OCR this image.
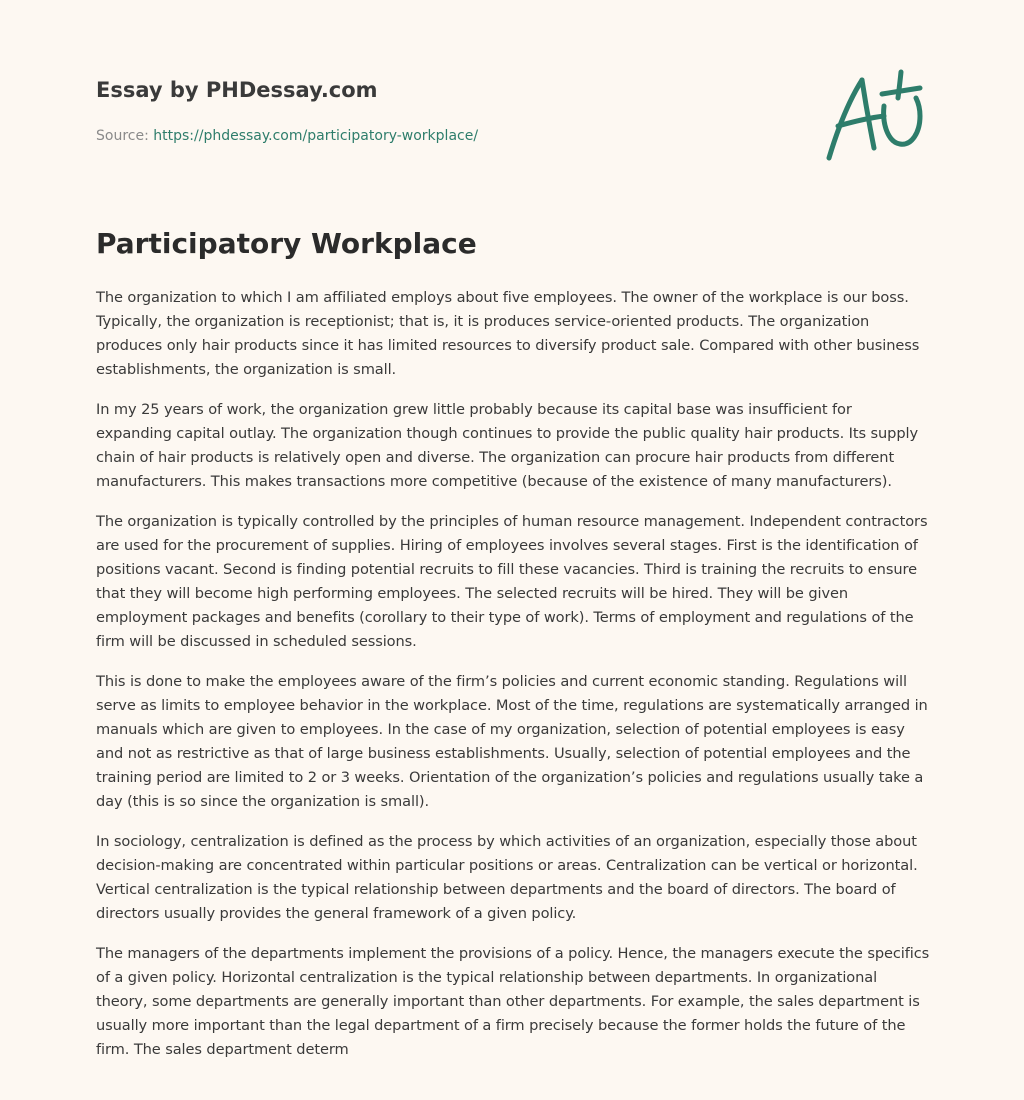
Essay by PHDessay.com
Source: https://phdessay.com/participatory-workplace/
Participatory Workplace

The organization to which I am affiliated employs about five employees. The owner of the workplace is our boss. Typically, the organization is receptionist; that is, it is produces service-oriented products. The organization produces only hair products since it has limited resources to diversify product sale. Compared with other business establishments, the organization is small.

In my 25 years of work, the organization grew little probably because its capital base was insufficient for expanding capital outlay. The organization though continues to provide the public quality hair products. Its supply chain of hair products is relatively open and diverse. The organization can procure hair products from different manufacturers. This makes transactions more competitive (because of the existence of many manufacturers).

The organization is typically controlled by the principles of human resource management. Independent contractors are used for the procurement of supplies. Hiring of employees involves several stages. First is the identification of positions vacant. Second is finding potential recruits to fill these vacancies. Third is training the recruits to ensure that they will become high performing employees. The selected recruits will be hired. They will be given employment packages and benefits (corollary to their type of work). Terms of employment and regulations of the firm will be discussed in scheduled sessions.

This is done to make the employees aware of the firm’s policies and current economic standing. Regulations will serve as limits to employee behavior in the workplace. Most of the time, regulations are systematically arranged in manuals which are given to employees. In the case of my organization, selection of potential employees is easy and not as restrictive as that of large business establishments. Usually, selection of potential employees and the training period are limited to 2 or 3 weeks. Orientation of the organization’s policies and regulations usually take a day (this is so since the organization is small).

In sociology, centralization is defined as the process by which activities of an organization, especially those about decision-making are concentrated within particular positions or areas. Centralization can be vertical or horizontal. Vertical centralization is the typical relationship between departments and the board of directors. The board of directors usually provides the general framework of a given policy.

The managers of the departments implement the provisions of a policy. Hence, the managers execute the specifics of a given policy. Horizontal centralization is the typical relationship between departments. In organizational theory, some departments are generally important than other departments. For example, the sales department is usually more important than the legal department of a firm precisely because the former holds the future of the firm. The sales department determ
